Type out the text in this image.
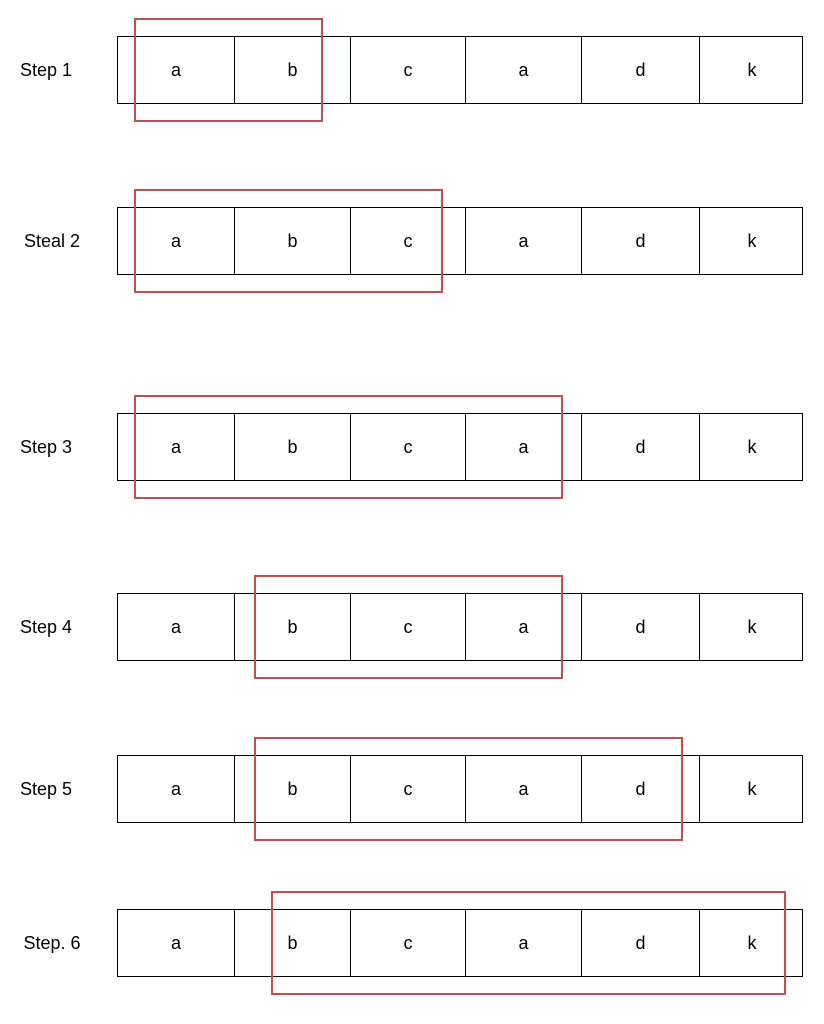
Step 1	a	b	c	a	d	k
Steal 2	a	b	c	a	d	k
Step 3	a	b	c	a	d	k
Step 4	a	b	c	a	d	k
Step 5	a	b	c	a	d	k
Step. 6	a	b	c	a	d	k
